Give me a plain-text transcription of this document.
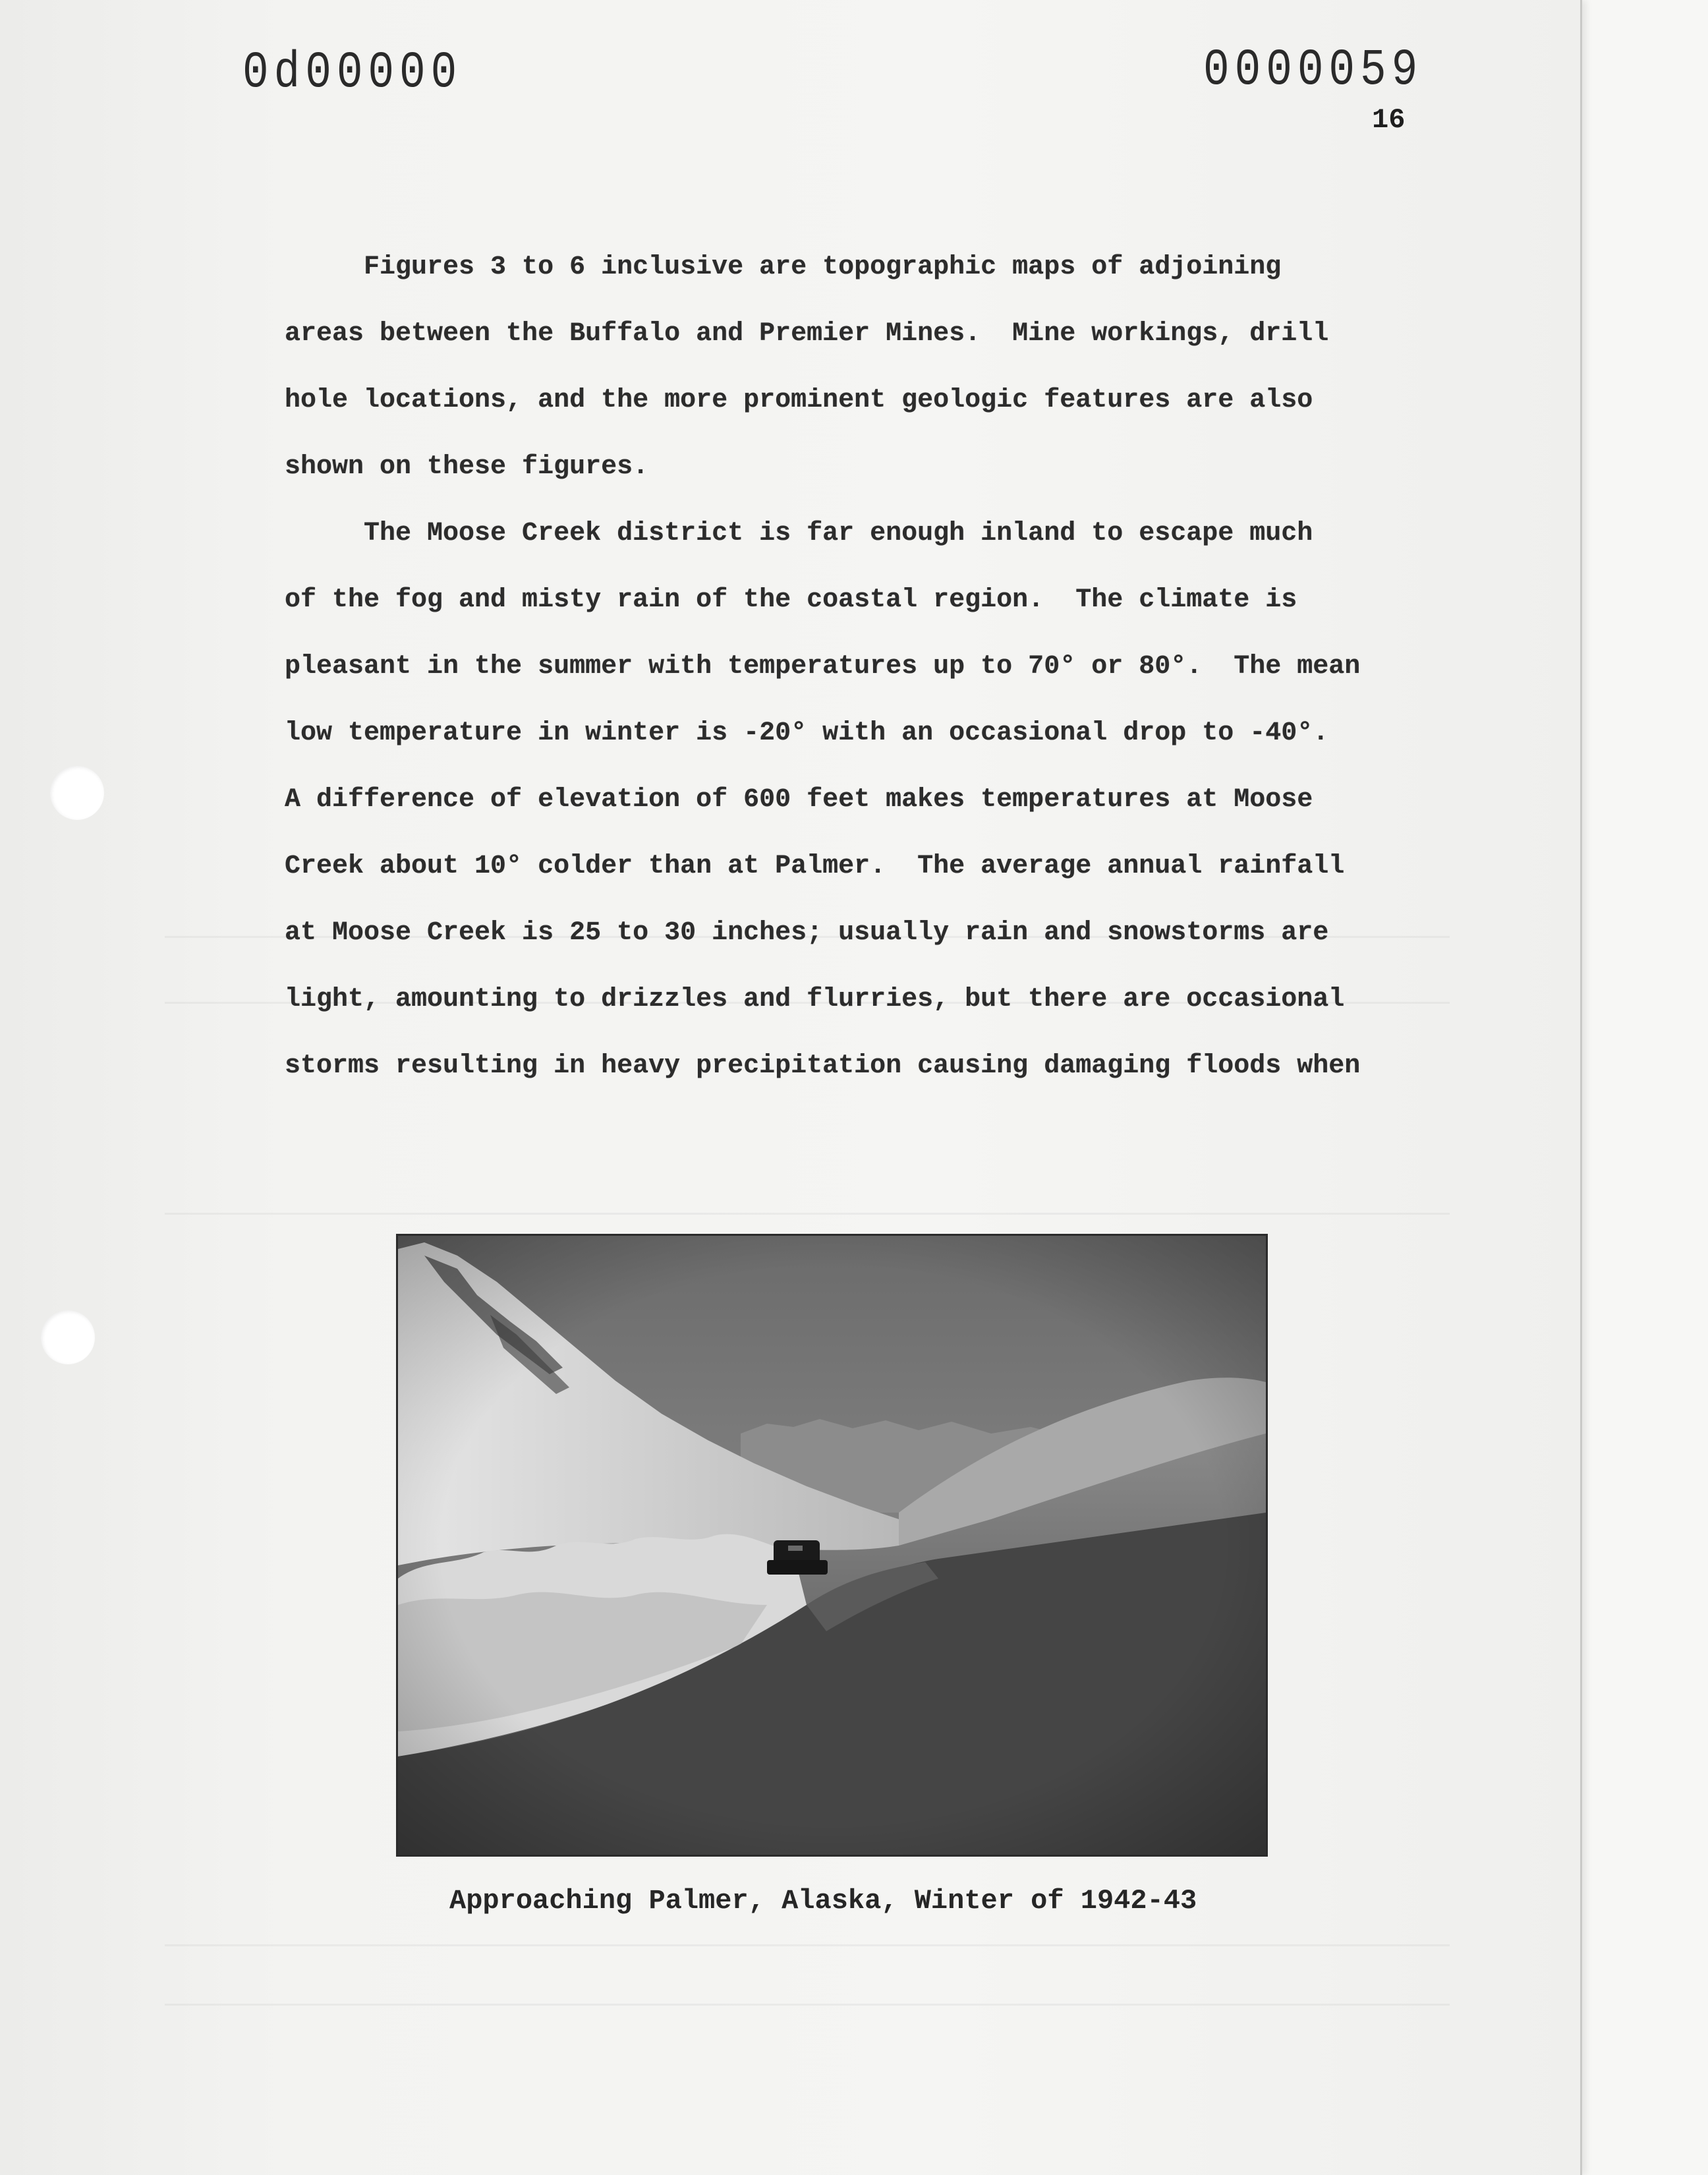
0d00000	0000059
16
Figures 3 to 6 inclusive are topographic maps of adjoining
areas between the Buffalo and Premier Mines.  Mine workings, drill
hole locations, and the more prominent geologic features are also
shown on these figures.
The Moose Creek district is far enough inland to escape much
of the fog and misty rain of the coastal region.  The climate is
pleasant in the summer with temperatures up to 70° or 80°.  The mean
low temperature in winter is -20° with an occasional drop to -40°.
A difference of elevation of 600 feet makes temperatures at Moose
Creek about 10° colder than at Palmer.  The average annual rainfall
at Moose Creek is 25 to 30 inches; usually rain and snowstorms are
light, amounting to drizzles and flurries, but there are occasional
storms resulting in heavy precipitation causing damaging floods when
Approaching Palmer, Alaska, Winter of 1942-43
